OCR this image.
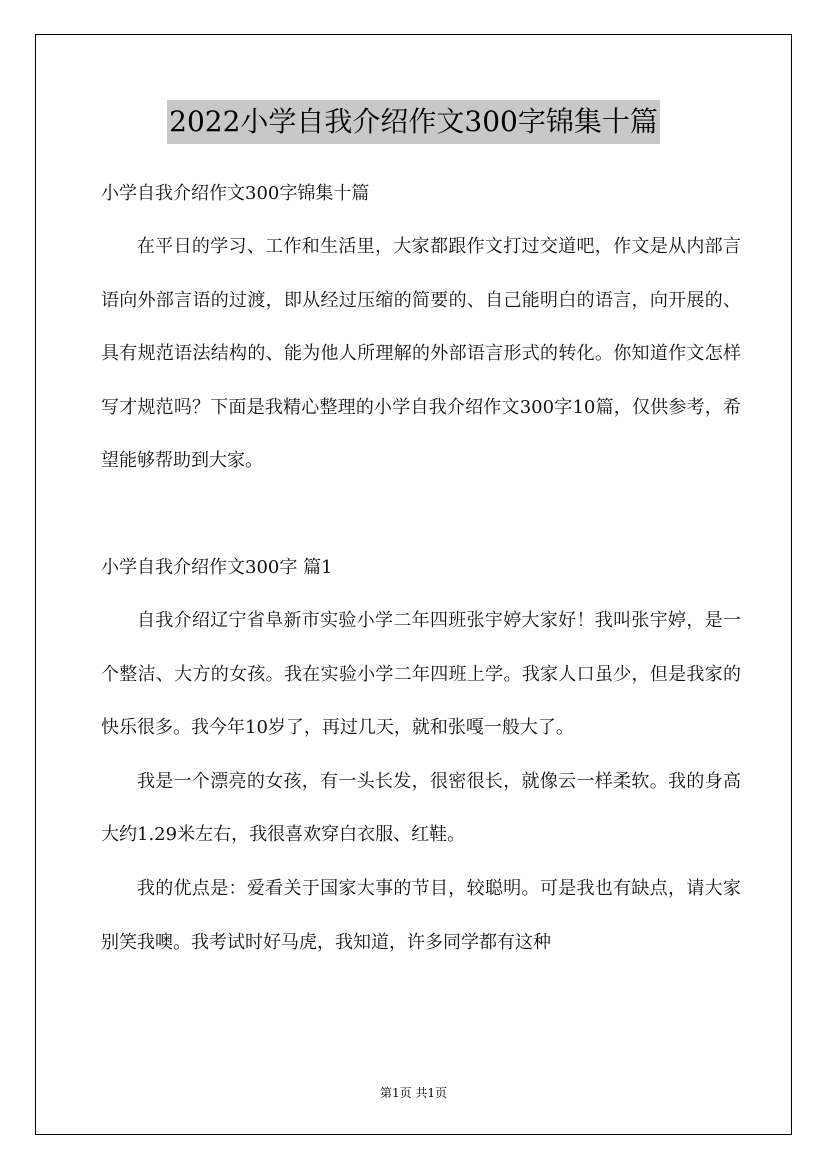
2022小学自我介绍作文300字锦集十篇

小学自我介绍作文300字锦集十篇

在平日的学习、工作和生活里，大家都跟作文打过交道吧，作文是从内部言语向外部言语的过渡，即从经过压缩的简要的、自己能明白的语言，向开展的、具有规范语法结构的、能为他人所理解的外部语言形式的转化。你知道作文怎样写才规范吗？下面是我精心整理的小学自我介绍作文300字10篇，仅供参考，希望能够帮助到大家。

小学自我介绍作文300字 篇1

自我介绍辽宁省阜新市实验小学二年四班张宇婷大家好！我叫张宇婷，是一个整洁、大方的女孩。我在实验小学二年四班上学。我家人口虽少，但是我家的快乐很多。我今年10岁了，再过几天，就和张嘎一般大了。

我是一个漂亮的女孩，有一头长发，很密很长，就像云一样柔软。我的身高大约1.29米左右，我很喜欢穿白衣服、红鞋。

我的优点是：爱看关于国家大事的节目，较聪明。可是我也有缺点，请大家别笑我噢。我考试时好马虎，我知道，许多同学都有这种

第1页 共1页
